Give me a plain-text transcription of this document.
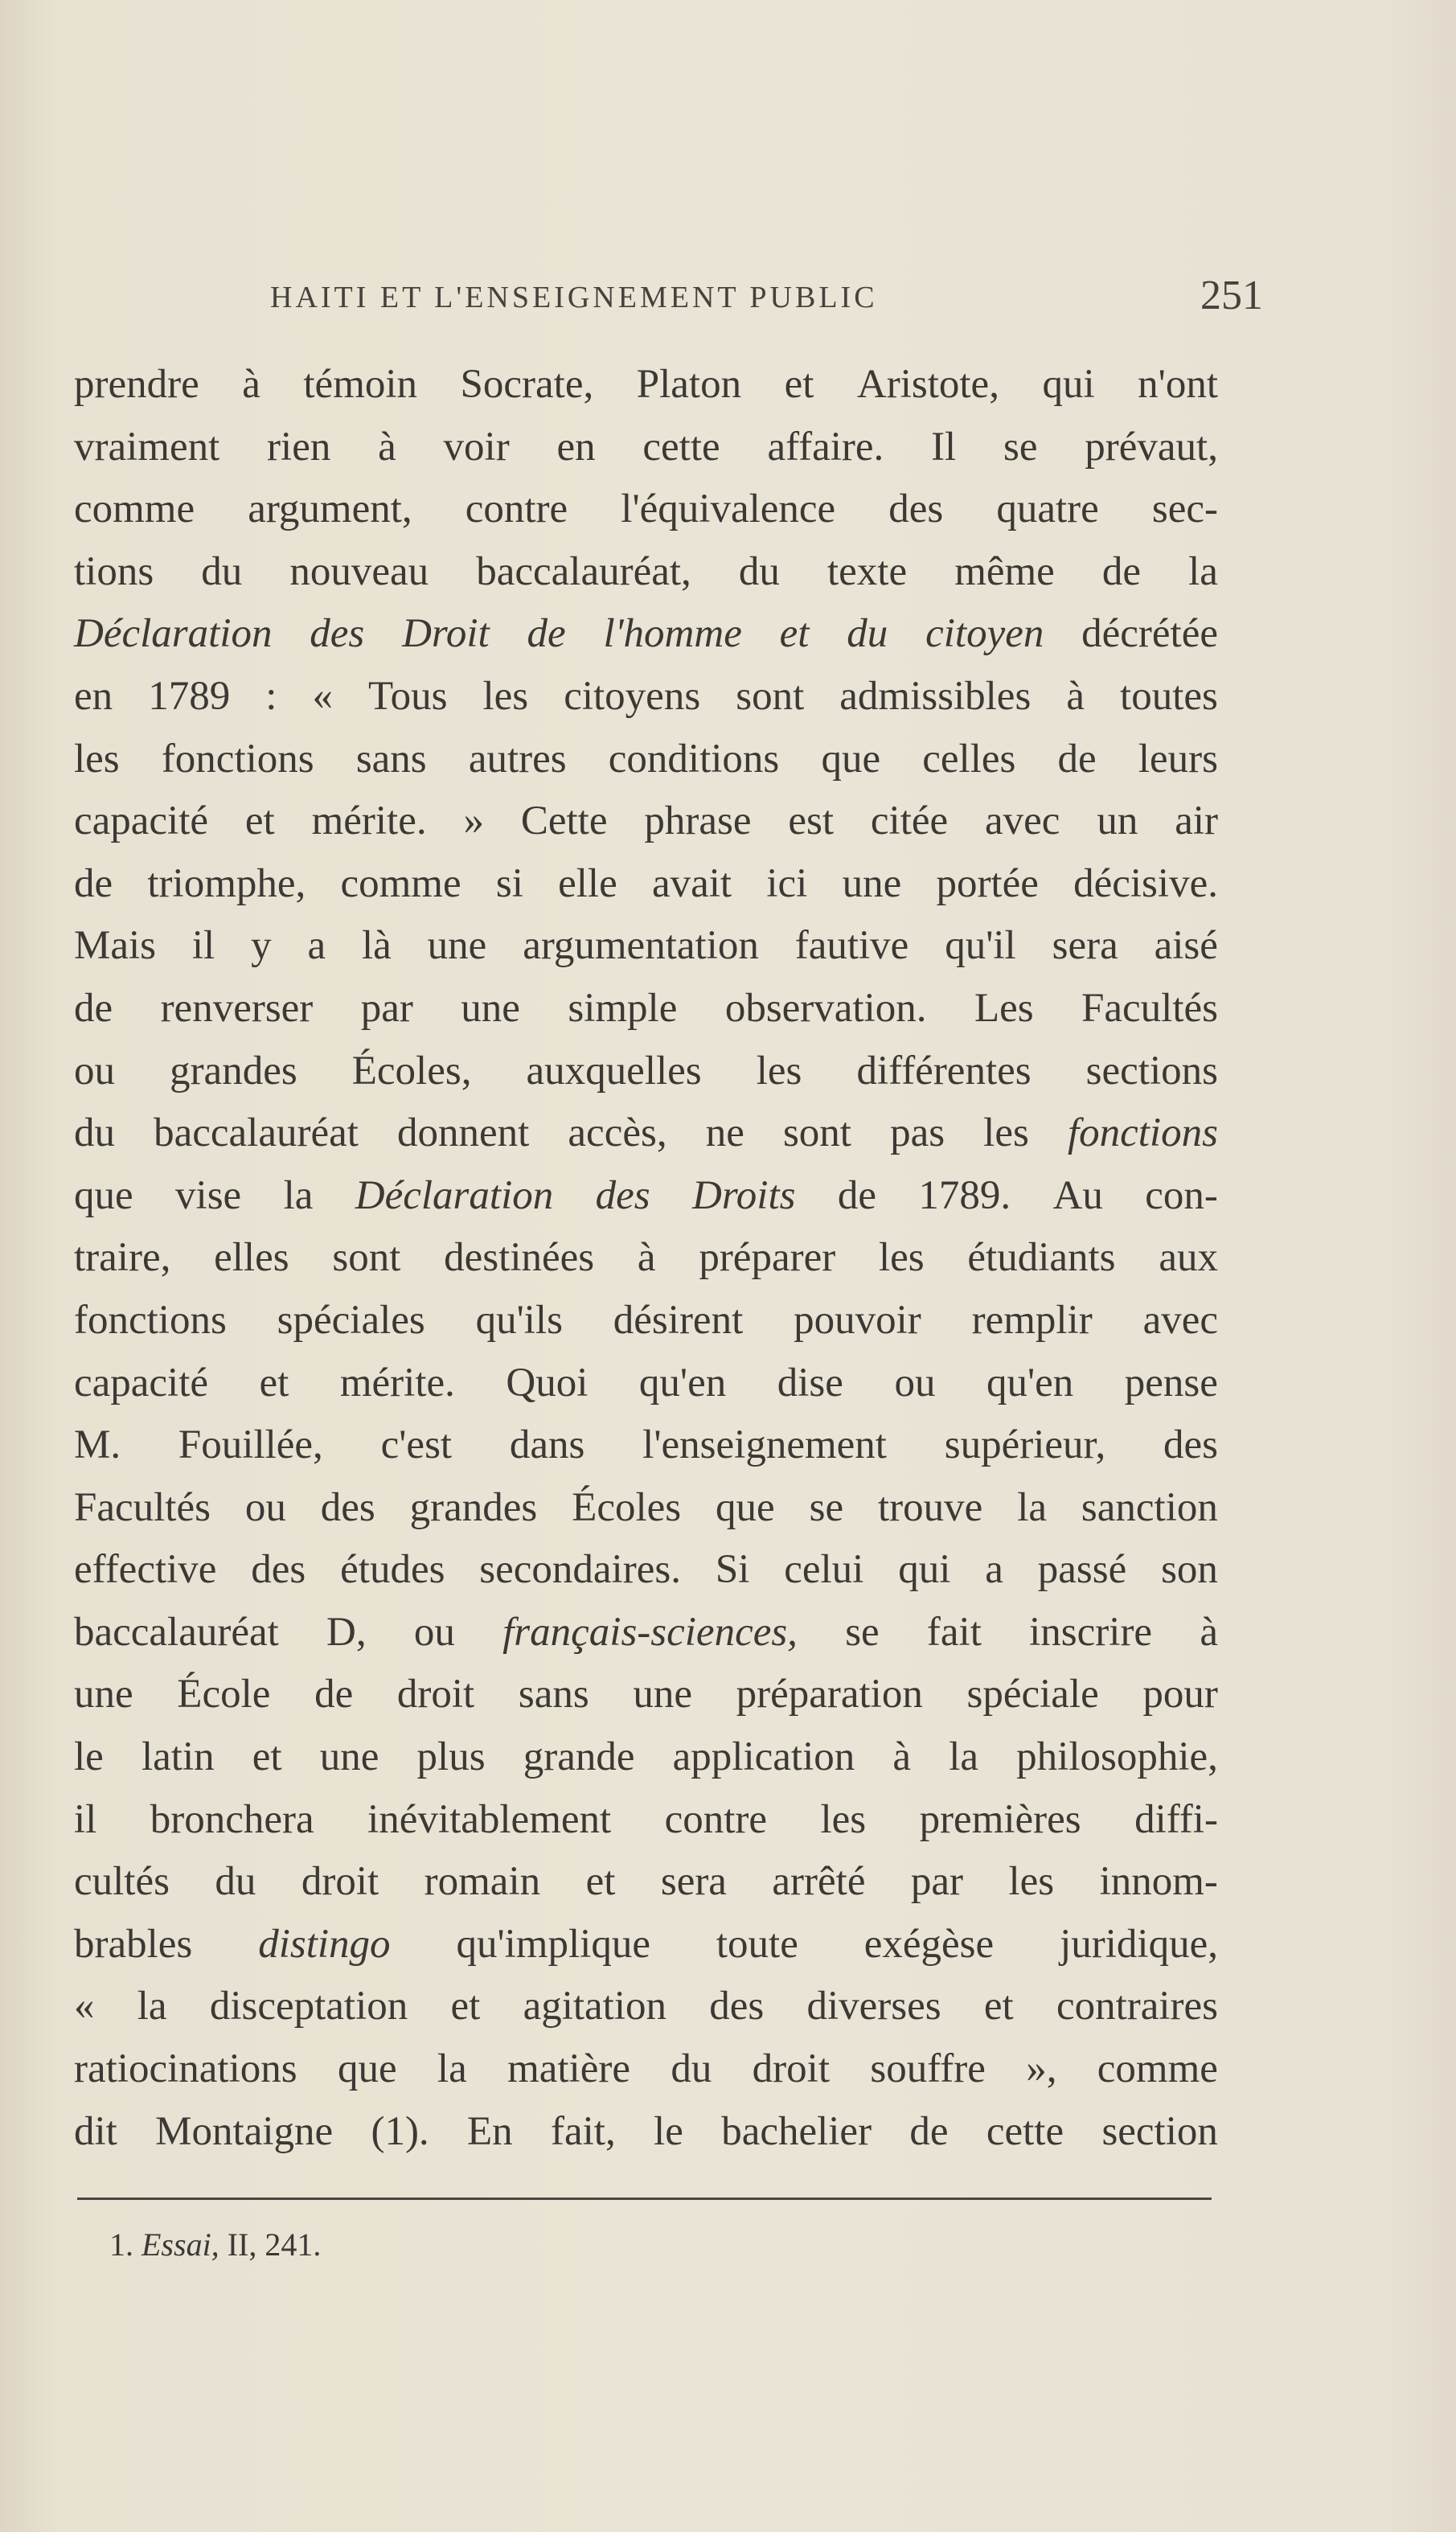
HAITI ET L'ENSEIGNEMENT PUBLIC	251
prendre à témoin Socrate, Platon et Aristote, qui n'ont
vraiment rien à voir en cette affaire. Il se prévaut,
comme argument, contre l'équivalence des quatre sec-
tions du nouveau baccalauréat, du texte même de la
Déclaration des Droit de l'homme et du citoyen décrétée
en 1789 : « Tous les citoyens sont admissibles à toutes
les fonctions sans autres conditions que celles de leurs
capacité et mérite. » Cette phrase est citée avec un air
de triomphe, comme si elle avait ici une portée décisive.
Mais il y a là une argumentation fautive qu'il sera aisé
de renverser par une simple observation. Les Facultés
ou grandes Écoles, auxquelles les différentes sections
du baccalauréat donnent accès, ne sont pas les fonctions
que vise la Déclaration des Droits de 1789. Au con-
traire, elles sont destinées à préparer les étudiants aux
fonctions spéciales qu'ils désirent pouvoir remplir avec
capacité et mérite. Quoi qu'en dise ou qu'en pense
M. Fouillée, c'est dans l'enseignement supérieur, des
Facultés ou des grandes Écoles que se trouve la sanction
effective des études secondaires. Si celui qui a passé son
baccalauréat D, ou français-sciences, se fait inscrire à
une École de droit sans une préparation spéciale pour
le latin et une plus grande application à la philosophie,
il bronchera inévitablement contre les premières diffi-
cultés du droit romain et sera arrêté par les innom-
brables distingo qu'implique toute exégèse juridique,
« la disceptation et agitation des diverses et contraires
ratiocinations que la matière du droit souffre », comme
dit Montaigne (1). En fait, le bachelier de cette section
1. Essai, II, 241.
